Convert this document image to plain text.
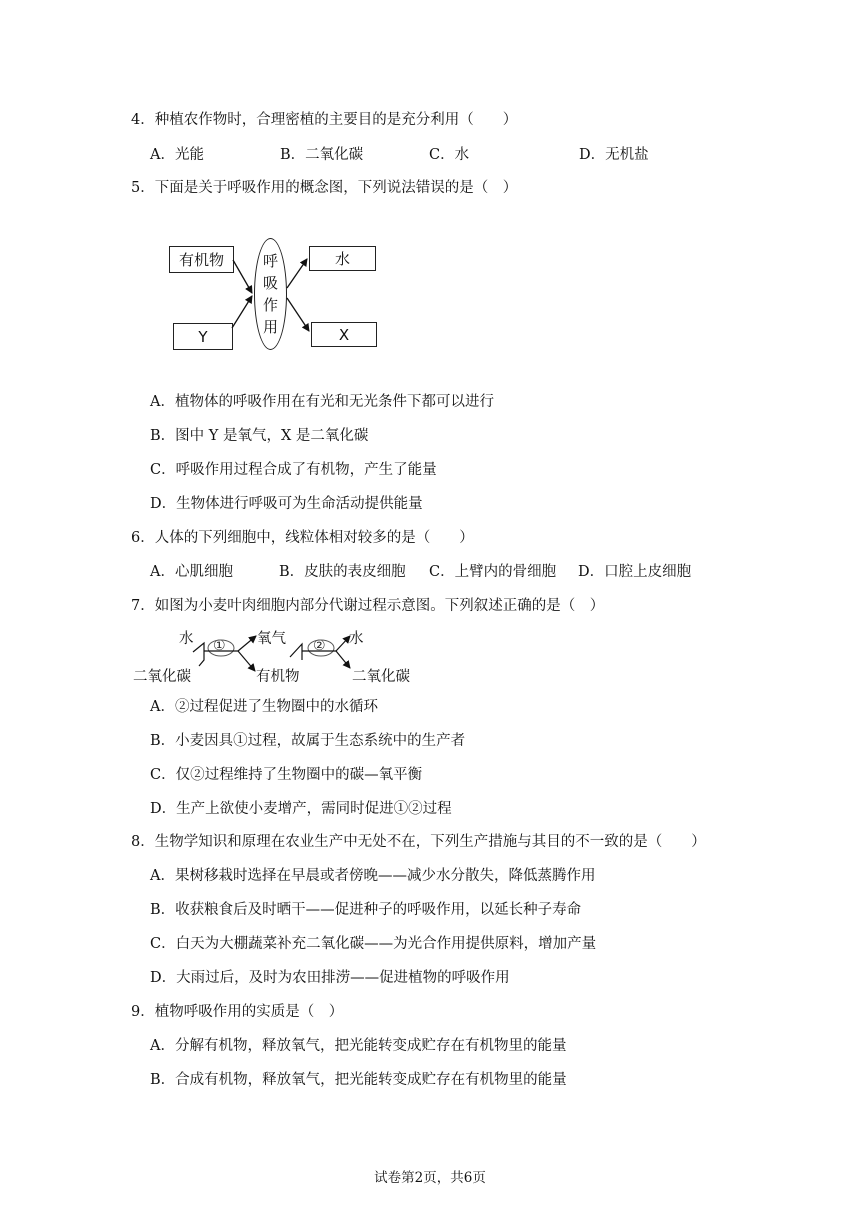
4．种植农作物时，合理密植的主要目的是充分利用（　　）
A．光能	B．二氧化碳	C．水	D．无机盐
5．下面是关于呼吸作用的概念图，下列说法错误的是（　）
有机物
Y
呼
吸
作
用
水
X
A．植物体的呼吸作用在有光和无光条件下都可以进行
B．图中 Y 是氧气，X 是二氧化碳
C．呼吸作用过程合成了有机物，产生了能量
D．生物体进行呼吸可为生命活动提供能量
6．人体的下列细胞中，线粒体相对较多的是（　　）
A．心肌细胞	B．皮肤的表皮细胞 C．上臂内的骨细胞 D．口腔上皮细胞
7．如图为小麦叶肉细胞内部分代谢过程示意图。下列叙述正确的是（　）
水
二氧化碳
氧气
有机物
水
二氧化碳
①	②
A．②过程促进了生物圈中的水循环
B．小麦因具①过程，故属于生态系统中的生产者
C．仅②过程维持了生物圈中的碳—氧平衡
D．生产上欲使小麦增产，需同时促进①②过程
8．生物学知识和原理在农业生产中无处不在，下列生产措施与其目的不一致的是（　　）
A．果树移栽时选择在早晨或者傍晚——减少水分散失，降低蒸腾作用
B．收获粮食后及时晒干——促进种子的呼吸作用，以延长种子寿命
C．白天为大棚蔬菜补充二氧化碳——为光合作用提供原料，增加产量
D．大雨过后，及时为农田排涝——促进植物的呼吸作用
9．植物呼吸作用的实质是（　）
A．分解有机物，释放氧气，把光能转变成贮存在有机物里的能量
B．合成有机物，释放氧气，把光能转变成贮存在有机物里的能量
试卷第2页，共6页
